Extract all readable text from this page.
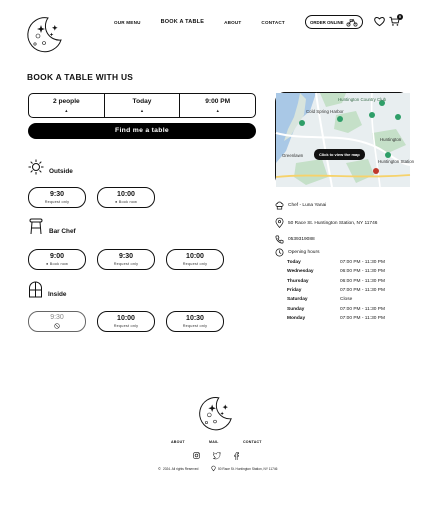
OUR MENU	BOOK A TABLE	ABOUT	CONTACT	ORDER ONLINE
0
BOOK A TABLE WITH US
2 people
▲
Today
▲
9:00 PM
▲
Find me a table
Outside
9:30
Request only
10:00
● Book now
Bar Chef
9:00
● Book now
9:30
Request only
10:00
Request only
Inside
9:30	10:00
Request only
10:30
Request only
Huntington Country Club
Cold Spring Harbor
Huntington
Huntington Station
Greenlawn	Click to view the map
Chef - Luna Yanai
50 Race St. Huntington Station, NY 11746
0539319088
Opening hours
Today	07:00 PM - 11:30 PM
Wednesday	06:00 PM - 11:30 PM
Thursday	06:00 PM - 11:30 PM
Friday	07:00 PM - 11:30 PM
Saturday	Close
Sunday	07:00 PM - 11:30 PM
Monday	07:00 PM - 11:30 PM
ABOUT	MAIL	CONTACT
© 2024. All rights Reserved	50 Race St. Huntington Station, NY 11746
